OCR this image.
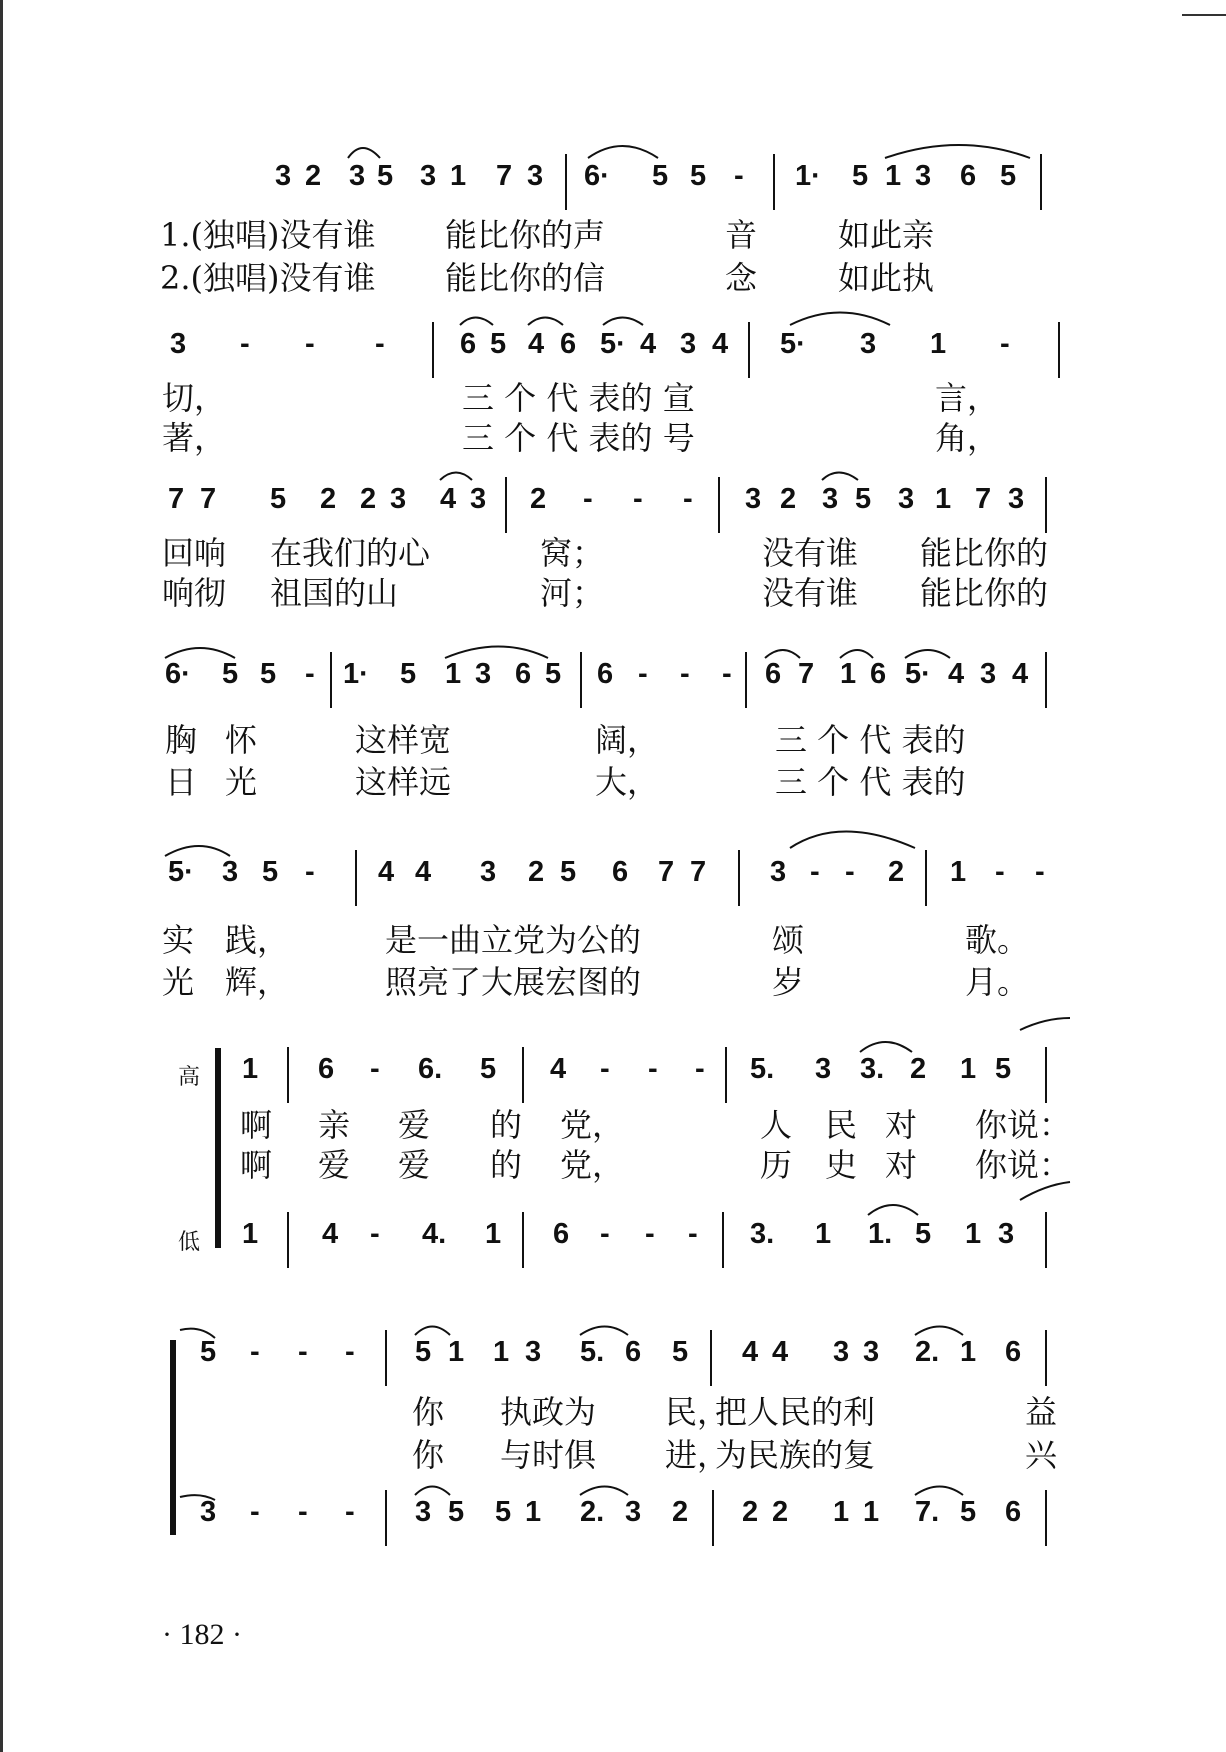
3 2 3 5 3 1 7 3 6· 5 5 - 1· 5 1 3 6 5
1.(独唱)没有谁 能比你的声	音	如此亲
2.(独唱)没有谁 能比你的信	念	如此执
3 - - -	6 5 4 6 5· 4 3 4 5· 3 1 -
切，	三 个 代 表的 宣	言，
著，	三 个 代 表的 号	角，
7 7 5 2 2 3 4 3 2 - - - 3 2 3 5 3 1 7 3
回响 在我们的心	窝；	没有谁 能比你的
响彻 祖国的山	河；	没有谁 能比你的
6· 5 5 - 1· 5 1 3 6 5 6 - - - 6 7 1 6 5· 4 3 4
胸 怀	这样宽	阔，	三 个 代 表的
日 光	这样远	大，	三 个 代 表的
5· 3 5 - 4 4 3 2 5 6 7 7 3 - - 2 1 - -
实 践，	是一曲立党为公的	颂	歌。
光 辉，	照亮了大展宏图的	岁	月。
高
低
1 6 - 6. 5 4 - - - 5. 3 3. 2 1 5
啊 亲 爱 的 党，	人 民 对 你说：
啊 爱 爱 的 党，	历 史 对 你说：
1 4 - 4. 1 6 - - - 3. 1 1. 5 1 3
5 - - - 5 1 1 3 5. 6 5 4 4 3 3 2. 1 6
你 执政为 民，
把人民的利	益
你 与时俱 进，
为民族的复	兴
3 - - - 3 5 5 1 2. 3 2 2 2 1 1 7. 5 6
· 182 ·
